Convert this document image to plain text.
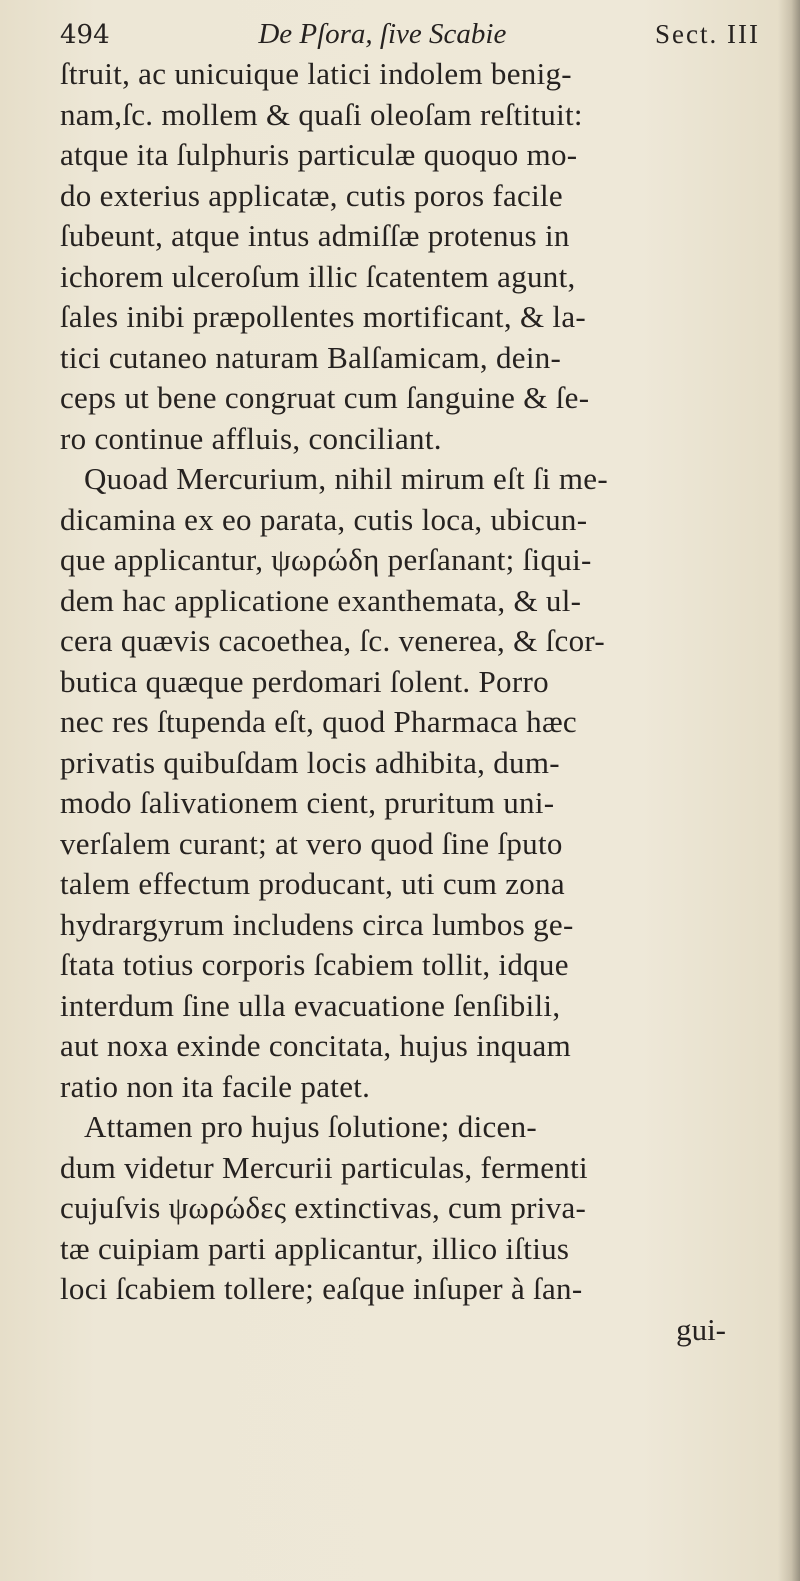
494	De Pſora, ſive Scabie	Sect. III
ſtruit, ac unicuique latici indolem benig-
nam,ſc. mollem & quaſi oleoſam reſtituit:
atque ita ſulphuris particulæ quoquo mo-
do exterius applicatæ, cutis poros facile
ſubeunt, atque intus admiſſæ protenus in
ichorem ulceroſum illic ſcatentem agunt,
ſales inibi præpollentes mortificant, & la-
tici cutaneo naturam Balſamicam, dein-
ceps ut bene congruat cum ſanguine & ſe-
ro continue affluis, conciliant.
Quoad Mercurium, nihil mirum eſt ſi me-
dicamina ex eo parata, cutis loca, ubicun-
que applicantur, ψωρώδη perſanant; ſiqui-
dem hac applicatione exanthemata, & ul-
cera quævis cacoethea, ſc. venerea, & ſcor-
butica quæque perdomari ſolent. Porro
nec res ſtupenda eſt, quod Pharmaca hæc
privatis quibuſdam locis adhibita, dum-
modo ſalivationem cient, pruritum uni-
verſalem curant; at vero quod ſine ſputo
talem effectum producant, uti cum zona
hydrargyrum includens circa lumbos ge-
ſtata totius corporis ſcabiem tollit, idque
interdum ſine ulla evacuatione ſenſibili,
aut noxa exinde concitata, hujus inquam
ratio non ita facile patet.
Attamen pro hujus ſolutione; dicen-
dum videtur Mercurii particulas, fermenti
cujuſvis ψωρώδες extinctivas, cum priva-
tæ cuipiam parti applicantur, illico iſtius
loci ſcabiem tollere; eaſque inſuper à ſan-
gui-
